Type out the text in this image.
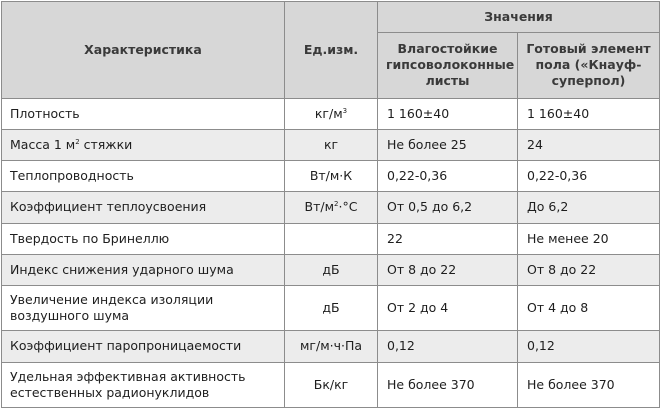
Характеристика	Ед.изм.	Значения	
		Влагостойкие гипсоволоконные листы	Готовый элемент пола («Кнауф-суперпол)
Плотность	$кг/м^3$	1 160±40	1 160±40
Масса 1 $м^2$ стяжки	кг	Не более 25	24
Теплопроводность	Вт/м·К	0,22-0,36	0,22-0,36
Коэффициент теплоусвоения	$Вт/м^2\cdot^\circ С$	От 0,5 до 6,2	До 6,2
Твердость по Бринеллю		22	Не менее 20
Индекс снижения ударного шума	дБ	От 8 до 22	От 8 до 22
Увеличение индекса изоляции воздушного шума	дБ	От 2 до 4	От 4 до 8
Коэффициент паропроницаемости	мг/м·ч·Па	0,12	0,12
Удельная эффективная активность естественных радионуклидов	Бк/кг	Не более 370	Не более 370
